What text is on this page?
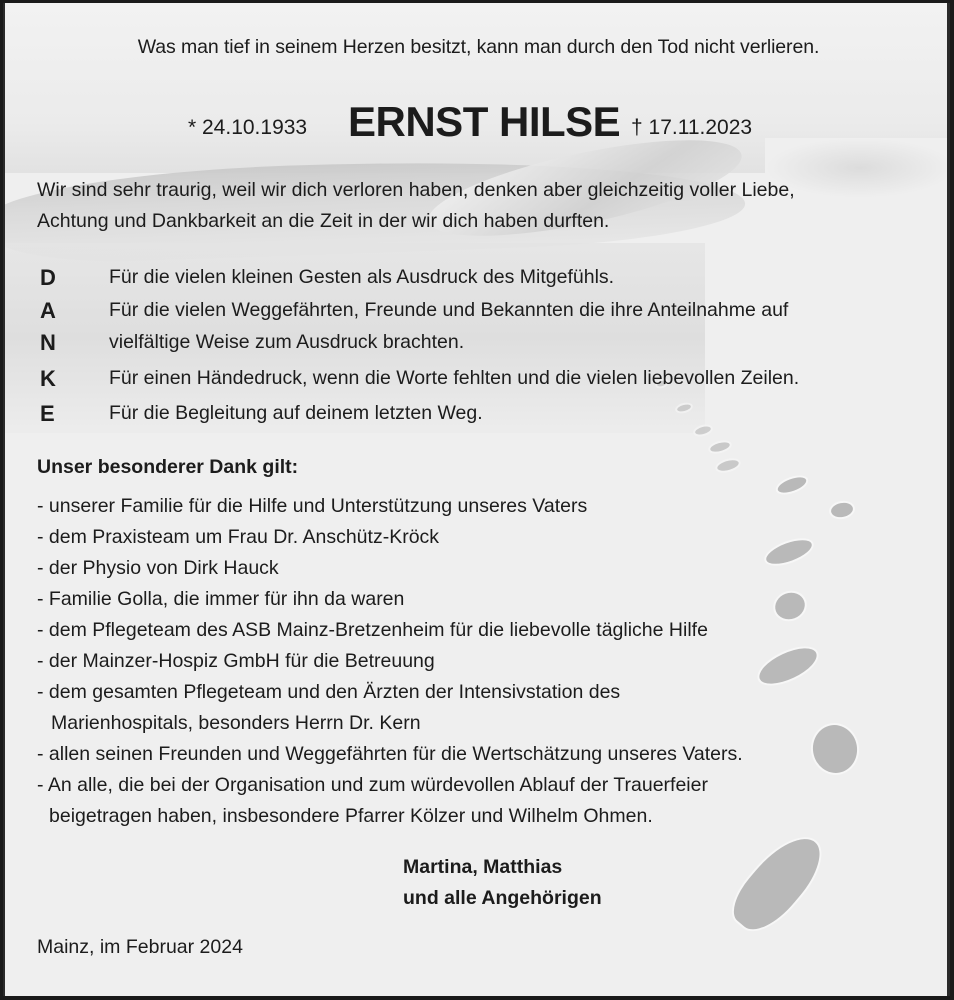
Was man tief in seinem Herzen besitzt, kann man durch den Tod nicht verlieren.
* 24.10.1933 ERNST HILSE † 17.11.2023
Wir sind sehr traurig, weil wir dich verloren haben, denken aber gleichzeitig voller Liebe,
Achtung und Dankbarkeit an die Zeit in der wir dich haben durften.
D	Für die vielen kleinen Gesten als Ausdruck des Mitgefühls.
A	Für die vielen Weggefährten, Freunde und Bekannten die ihre Anteilnahme auf
N	vielfältige Weise zum Ausdruck brachten.
K	Für einen Händedruck, wenn die Worte fehlten und die vielen liebevollen Zeilen.
E	Für die Begleitung auf deinem letzten Weg.
Unser besonderer Dank gilt:
- unserer Familie für die Hilfe und Unterstützung unseres Vaters
- dem Praxisteam um Frau Dr. Anschütz-Kröck
- der Physio von Dirk Hauck
- Familie Golla, die immer für ihn da waren
- dem Pflegeteam des ASB Mainz-Bretzenheim für die liebevolle tägliche Hilfe
- der Mainzer-Hospiz GmbH für die Betreuung
- dem gesamten Pflegeteam und den Ärzten der Intensivstation des
Marienhospitals, besonders Herrn Dr. Kern
- allen seinen Freunden und Weggefährten für die Wertschätzung unseres Vaters.
- An alle, die bei der Organisation und zum würdevollen Ablauf der Trauerfeier
beigetragen haben, insbesondere Pfarrer Kölzer und Wilhelm Ohmen.
Martina, Matthias
und alle Angehörigen
Mainz, im Februar 2024
